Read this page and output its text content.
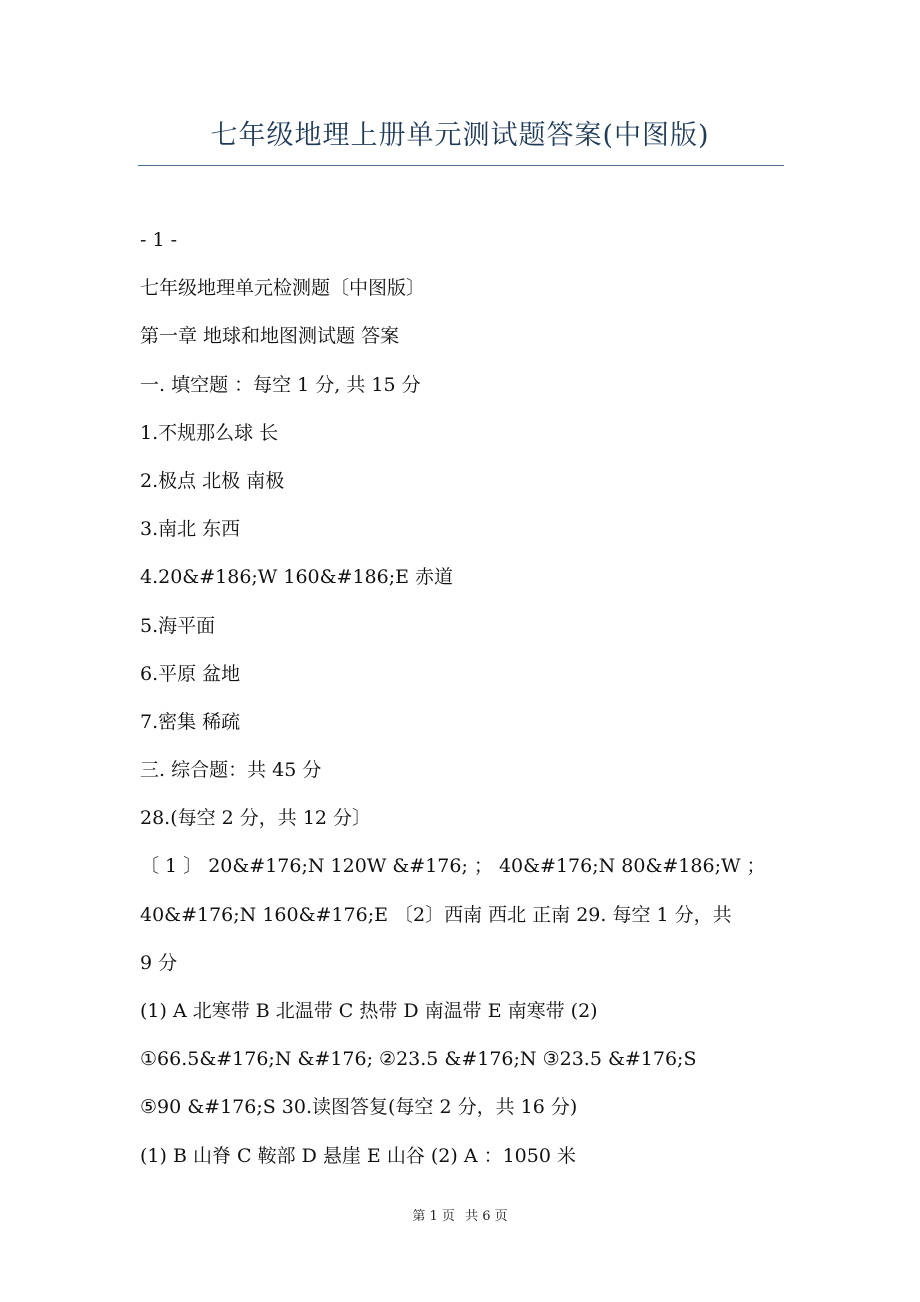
七年级地理上册单元测试题答案(中图版)
- 1 -
七年级地理单元检测题〔中图版〕
第一章 地球和地图测试题 答案
一. 填空题 ：每空 1 分, 共 15 分
1.不规那么球 长
2.极点 北极 南极
3.南北 东西
4.20&#186;W 160&#186;E 赤道
5.海平面
6.平原 盆地
7.密集 稀疏
三. 综合题：共 45 分
28.(每空 2 分，共 12 分〕
〔 1 〕 20&#176;N 120W &#176; ； 40&#176;N 80&#186;W ；
40&#176;N 160&#176;E 〔2〕西南 西北 正南 29. 每空 1 分，共
9 分
(1) A 北寒带 B 北温带 C 热带 D 南温带 E 南寒带 (2)
①66.5&#176;N &#176; ②23.5 &#176;N ③23.5 &#176;S
⑤90 &#176;S 30.读图答复(每空 2 分，共 16 分)
(1) B 山脊 C 鞍部 D 悬崖 E 山谷 (2) A ：1050 米
第 1 页 共 6 页
